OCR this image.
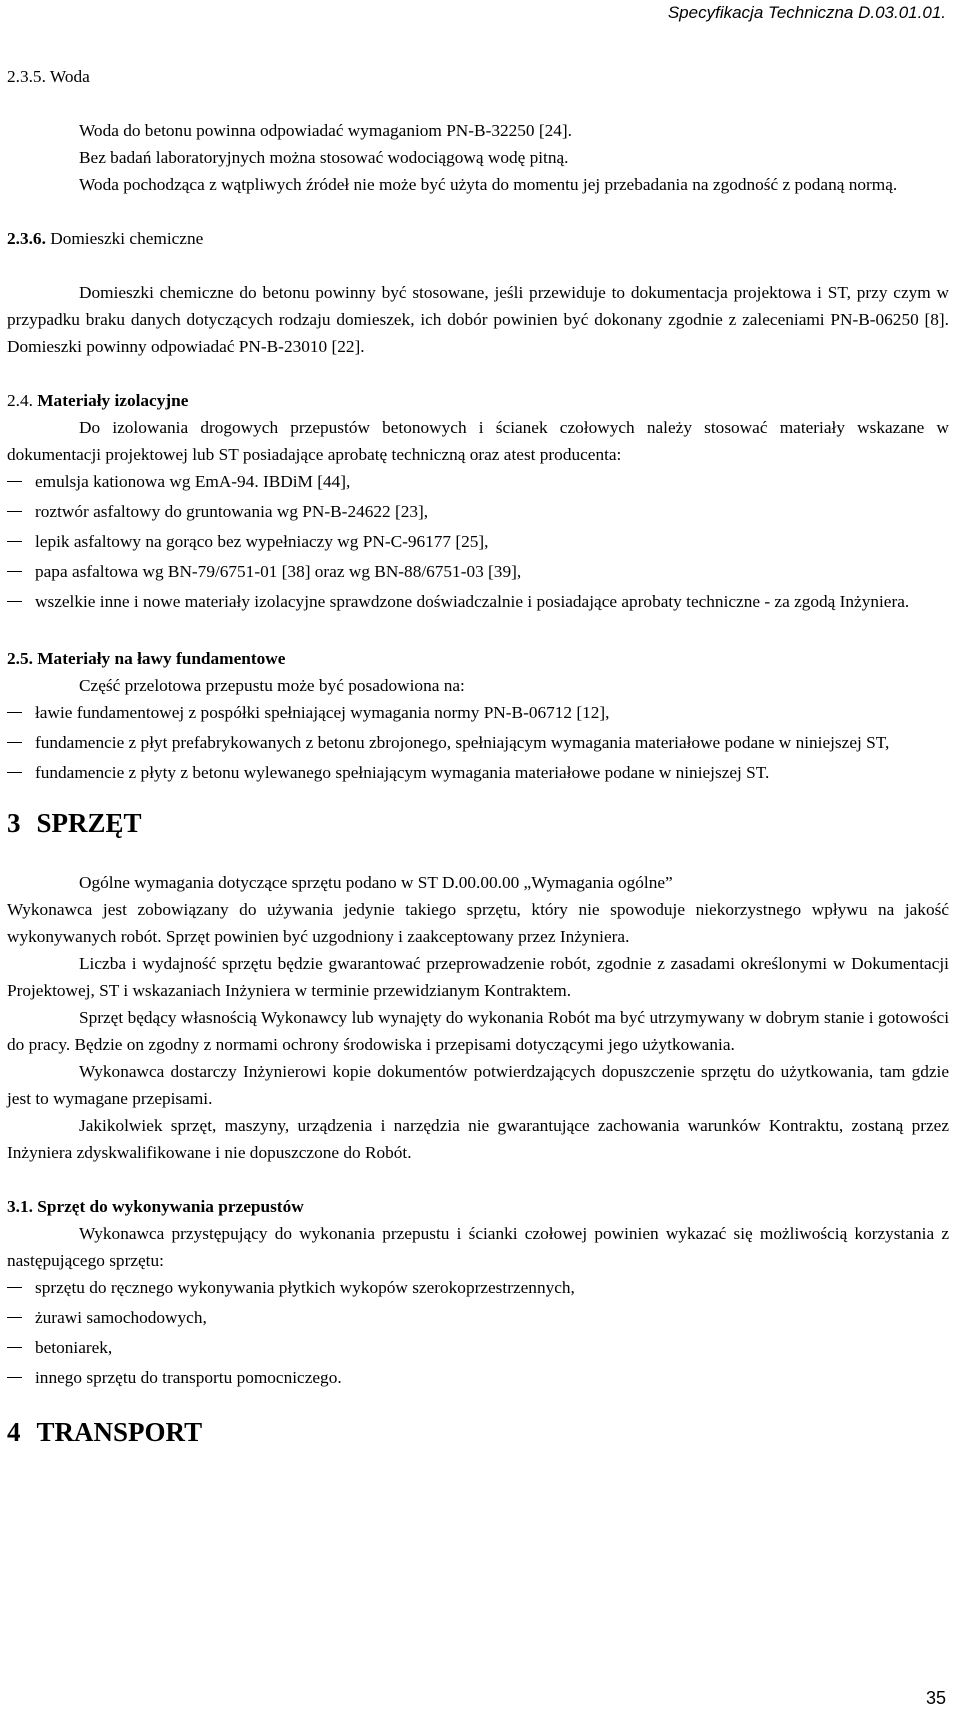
Specyfikacja Techniczna D.03.01.01.

2.3.5. Woda

Woda do betonu powinna odpowiadać wymaganiom PN-B-32250 [24].

Bez badań laboratoryjnych można stosować wodociągową wodę pitną.

Woda pochodząca z wątpliwych źródeł nie może być użyta do momentu jej przebadania na zgodność z podaną normą.

2.3.6. Domieszki chemiczne

Domieszki chemiczne do betonu powinny być stosowane, jeśli przewiduje to dokumentacja projektowa i ST, przy czym w przypadku braku danych dotyczących rodzaju domieszek, ich dobór powinien być dokonany zgodnie z zaleceniami PN-B-06250 [8]. Domieszki powinny odpowiadać PN-B-23010 [22].

2.4. Materiały izolacyjne

Do izolowania drogowych przepustów betonowych i ścianek czołowych należy stosować materiały wskazane w dokumentacji projektowej lub ST posiadające aprobatę techniczną oraz atest producenta:

emulsja kationowa wg EmA-94. IBDiM [44],
roztwór asfaltowy do gruntowania wg PN-B-24622 [23],
lepik asfaltowy na gorąco bez wypełniaczy wg PN-C-96177 [25],
papa asfaltowa wg BN-79/6751-01 [38] oraz wg BN-88/6751-03 [39],
wszelkie inne i nowe materiały izolacyjne sprawdzone doświadczalnie i posiadające aprobaty techniczne - za zgodą Inżyniera.

2.5. Materiały na ławy fundamentowe

Część przelotowa przepustu może być posadowiona na:

ławie fundamentowej z pospółki spełniającej wymagania normy PN-B-06712 [12],
fundamencie z płyt prefabrykowanych z betonu zbrojonego, spełniającym wymagania materiałowe podane w niniejszej ST,
fundamencie z płyty z betonu wylewanego spełniającym wymagania materiałowe podane w niniejszej ST.
3 SPRZĘT

Ogólne wymagania dotyczące sprzętu podano w ST D.00.00.00 „Wymagania ogólne”

Wykonawca jest zobowiązany do używania jedynie takiego sprzętu, który nie spowoduje niekorzystnego wpływu na jakość wykonywanych robót. Sprzęt powinien być uzgodniony i zaakceptowany przez Inżyniera.

Liczba i wydajność sprzętu będzie gwarantować przeprowadzenie robót, zgodnie z zasadami określonymi w Dokumentacji Projektowej, ST i wskazaniach Inżyniera w terminie przewidzianym Kontraktem.

Sprzęt będący własnością Wykonawcy lub wynajęty do wykonania Robót ma być utrzymywany w dobrym stanie i gotowości do pracy. Będzie on zgodny z normami ochrony środowiska i przepisami dotyczącymi jego użytkowania.

Wykonawca dostarczy Inżynierowi kopie dokumentów potwierdzających dopuszczenie sprzętu do użytkowania, tam gdzie jest to wymagane przepisami.

Jakikolwiek sprzęt, maszyny, urządzenia i narzędzia nie gwarantujące zachowania warunków Kontraktu, zostaną przez Inżyniera zdyskwalifikowane i nie dopuszczone do Robót.

3.1. Sprzęt do wykonywania przepustów

Wykonawca przystępujący do wykonania przepustu i ścianki czołowej powinien wykazać się możliwością korzystania z następującego sprzętu:

sprzętu do ręcznego wykonywania płytkich wykopów szerokoprzestrzennych,
żurawi samochodowych,
betoniarek,
innego sprzętu do transportu pomocniczego.
4 TRANSPORT
35
